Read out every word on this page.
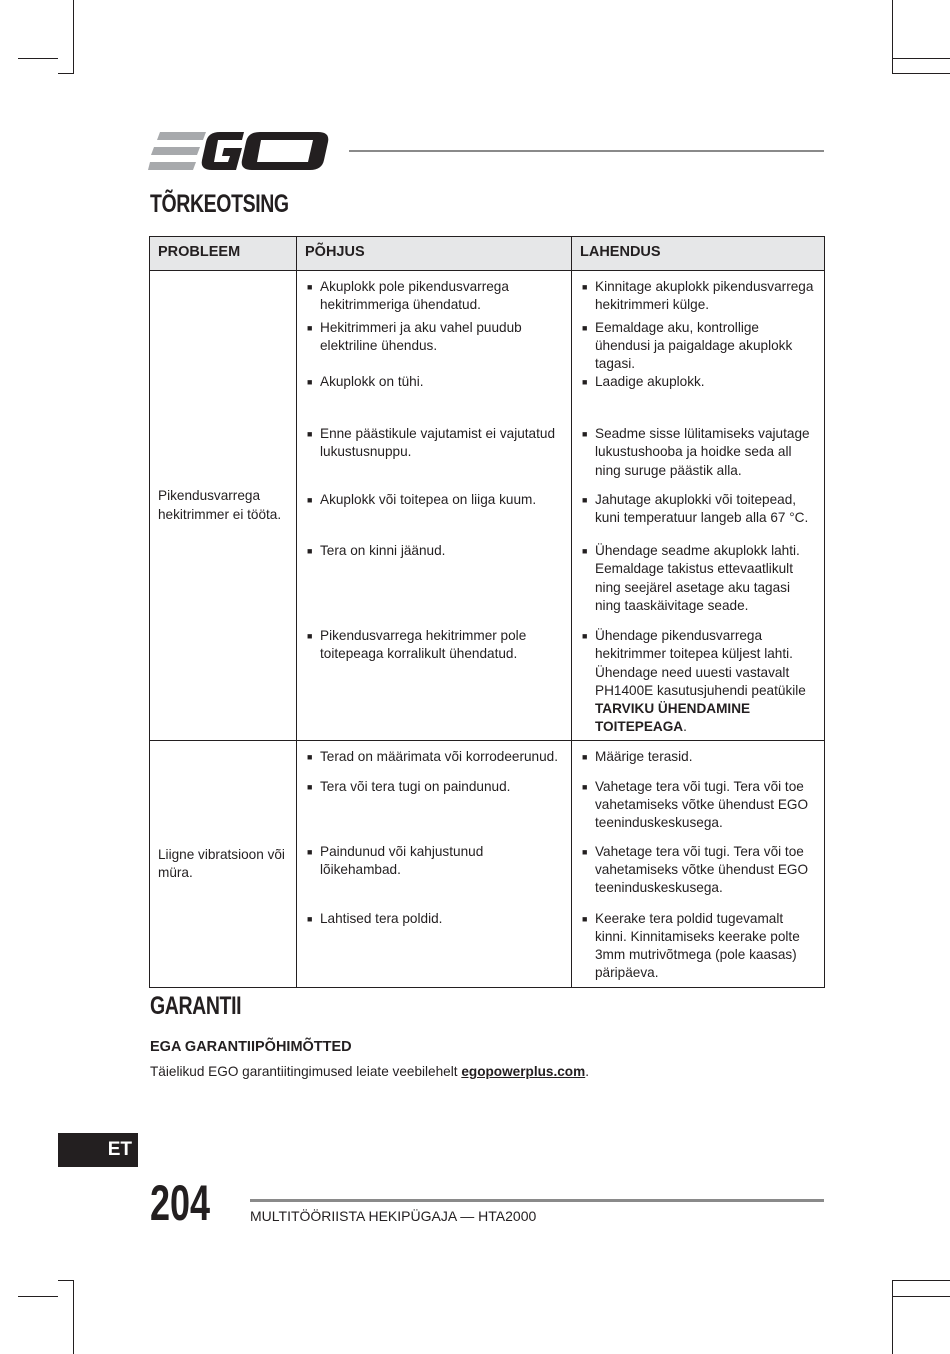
TÕRKEOTSING
PROBLEEM	PÕHJUS	LAHENDUS
Pikendusvarrega hekitrimmer ei tööta.	■ Akuplokk pole pikendusvarrega hekitrimmeriga ühendatud.	■ Kinnitage akuplokk pikendusvarrega hekitrimmeri külge.

	■ Hekitrimmeri ja aku vahel puudub elektriline ühendus.	■ Eemaldage aku, kontrollige ühendusi ja paigaldage akuplokk tagasi.

	■ Akuplokk on tühi.	■ Laadige akuplokk.

	■ Enne päästikule vajutamist ei vajutatud lukustusnuppu.	■ Seadme sisse lülitamiseks vajutage lukustushooba ja hoidke seda all ning suruge päästik alla.

	■ Akuplokk või toitepea on liiga kuum.	■ Jahutage akuplokki või toitepead, kuni temperatuur langeb alla 67 °C.

	■ Tera on kinni jäänud.	■ Ühendage seadme akuplokk lahti. Eemaldage takistus ettevaatlikult ning seejärel asetage aku tagasi ning taaskäivitage seade.

	■ Pikendusvarrega hekitrimmer pole toitepeaga korralikult ühendatud.	■ Ühendage pikendusvarrega hekitrimmer toitepea küljest lahti. Ühendage need uuesti vastavalt PH1400E kasutusjuhendi peatükile TARVIKU ÜHENDAMINE TOITEPEAGA.

Liigne vibratsioon või müra.	■ Terad on määrimata või korrodeerunud.	■ Määrige terasid.

	■ Tera või tera tugi on paindunud.	■ Vahetage tera või tugi. Tera või toe vahetamiseks võtke ühendust EGO teeninduskeskusega.

	■ Paindunud või kahjustunud lõikehambad.	■ Vahetage tera või tugi. Tera või toe vahetamiseks võtke ühendust EGO teeninduskeskusega.

	■ Lahtised tera poldid.	■ Keerake tera poldid tugevamalt kinni. Kinnitamiseks keerake polte 3mm mutrivõtmega (pole kaasas) päripäeva.
GARANTII
EGA GARANTIIPÕHIMÕTTED
Täielikud EGO garantiitingimused leiate veebilehelt egopowerplus.com.
ET
204	MULTITÖÖRIISTA HEKIPÜGAJA — HTA2000
